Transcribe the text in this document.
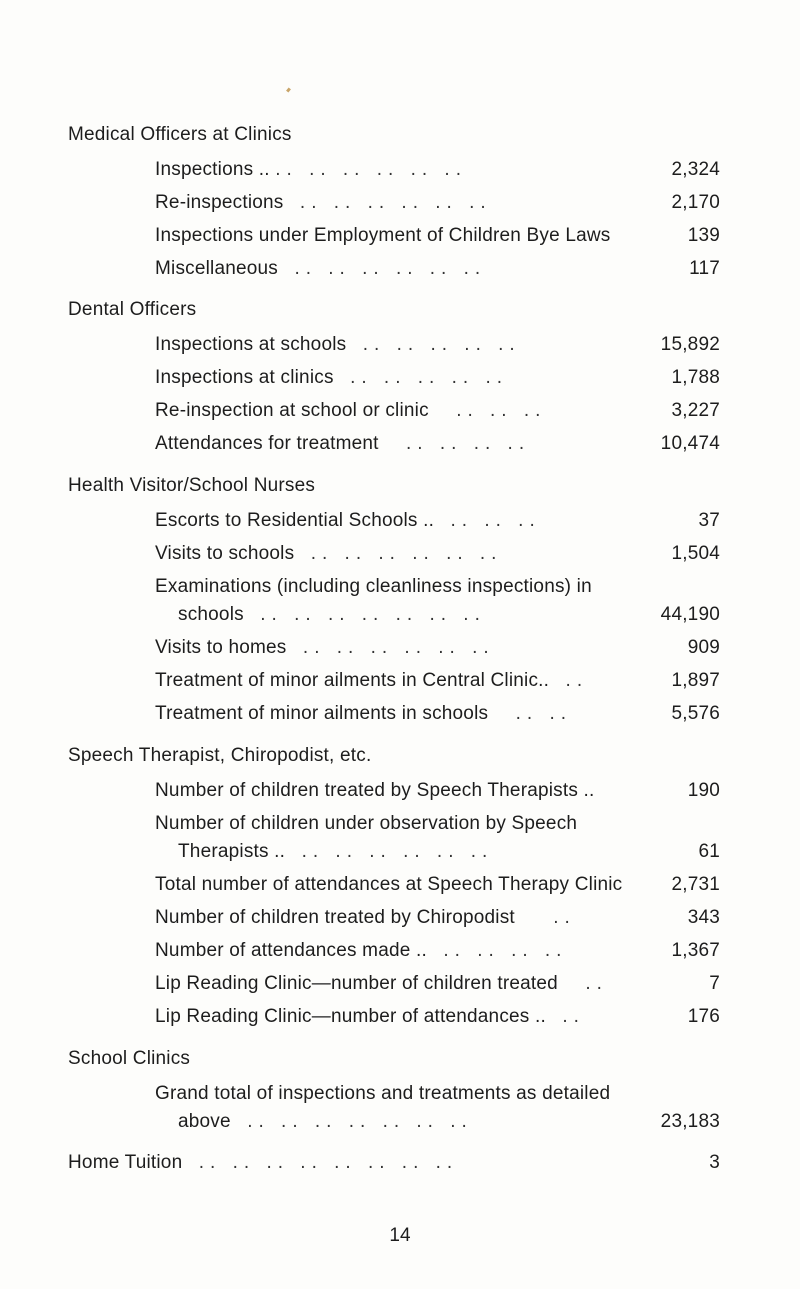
Medical Officers at Clinics
Inspections .. .. .. .. .. .. ..	2,324
Re-inspections .. .. .. .. .. ..	2,170
Inspections under Employment of Children Bye Laws	139
Miscellaneous .. .. .. .. .. ..	117
Dental Officers
Inspections at schools .. .. .. .. ..	15,892
Inspections at clinics .. .. .. .. ..	1,788
Re-inspection at school or clinic .. .. ..	3,227
Attendances for treatment .. .. .. ..	10,474
Health Visitor/School Nurses
Escorts to Residential Schools .. .. .. ..	37
Visits to schools .. .. .. .. .. ..	1,504
Examinations (including cleanliness inspections) in
schools .. .. .. .. .. .. ..	44,190
Visits to homes .. .. .. .. .. ..	909
Treatment of minor ailments in Central Clinic.. ..	1,897
Treatment of minor ailments in schools .. ..	5,576
Speech Therapist, Chiropodist, etc.
Number of children treated by Speech Therapists ..	190
Number of children under observation by Speech
Therapists .. .. .. .. .. .. ..	61
Total number of attendances at Speech Therapy Clinic	2,731
Number of children treated by Chiropodist ..	343
Number of attendances made .. .. .. .. ..	1,367
Lip Reading Clinic—number of children treated ..	7
Lip Reading Clinic—number of attendances .. ..	176
School Clinics
Grand total of inspections and treatments as detailed
above .. .. .. .. .. .. ..	23,183
Home Tuition .. .. .. .. .. .. .. ..	3
14
